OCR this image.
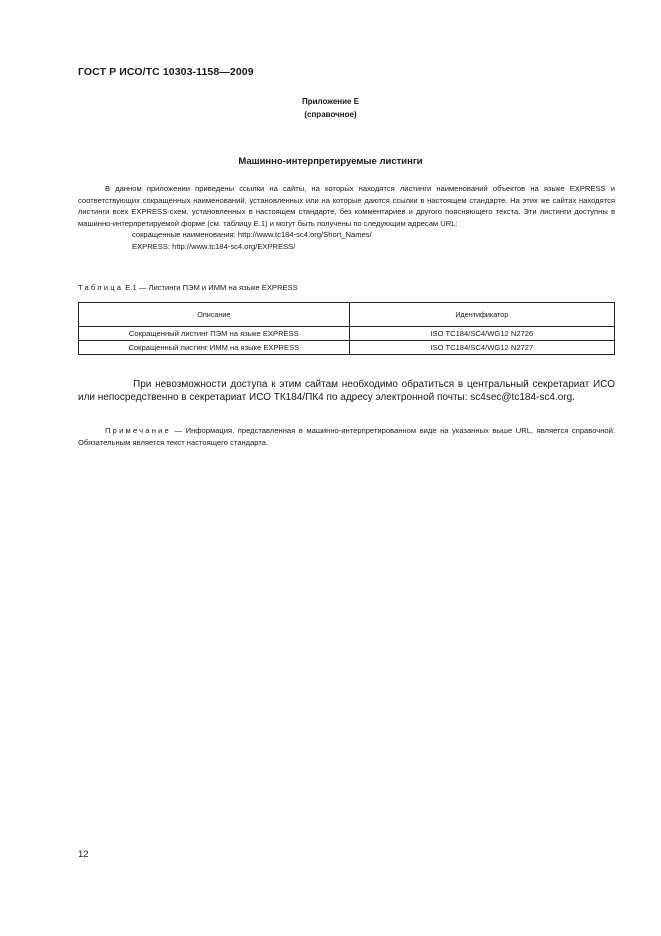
ГОСТ Р ИСО/ТС 10303-1158—2009
Приложение Е
(справочное)
Машинно-интерпретируемые листинги

В данном приложении приведены ссылки на сайты, на которых находятся листинги наименований объектов на языке EXPRESS и соответствующих сокращенных наименований, установленных или на которые даются ссылки в настоящем стандарте. На этих же сайтах находятся листинги всех EXPRESS-схем, установленных в настоящем стандарте, без комментариев и другого поясняющего текста. Эти листинги доступны в машинно-интерпретируемой форме (см. таблицу Е.1) и могут быть получены по следующим адресам URL:

сокращенные наименования: http://www.tc184-sc4.org/Short_Names/

EXPRESS: http://www.tc184-sc4.org/EXPRESS/

Таблица Е.1 — Листинги ПЭМ и ИММ на языке EXPRESS
Описание	Идентификатор
Сокращенный листинг ПЭМ на языке EXPRESS	ISO TC184/SC4/WG12 N2726
Сокращенный листинг ИММ на языке EXPRESS	ISO TC184/SC4/WG12 N2727

При невозможности доступа к этим сайтам необходимо обратиться в центральный секретариат ИСО или непосредственно в секретариат ИСО ТК184/ПК4 по адресу электронной почты: sc4sec@tc184-sc4.org.

Примечание — Информация, представленная в машинно-интерпретированном виде на указанных выше URL, является справочной. Обязательным является текст настоящего стандарта.

12
